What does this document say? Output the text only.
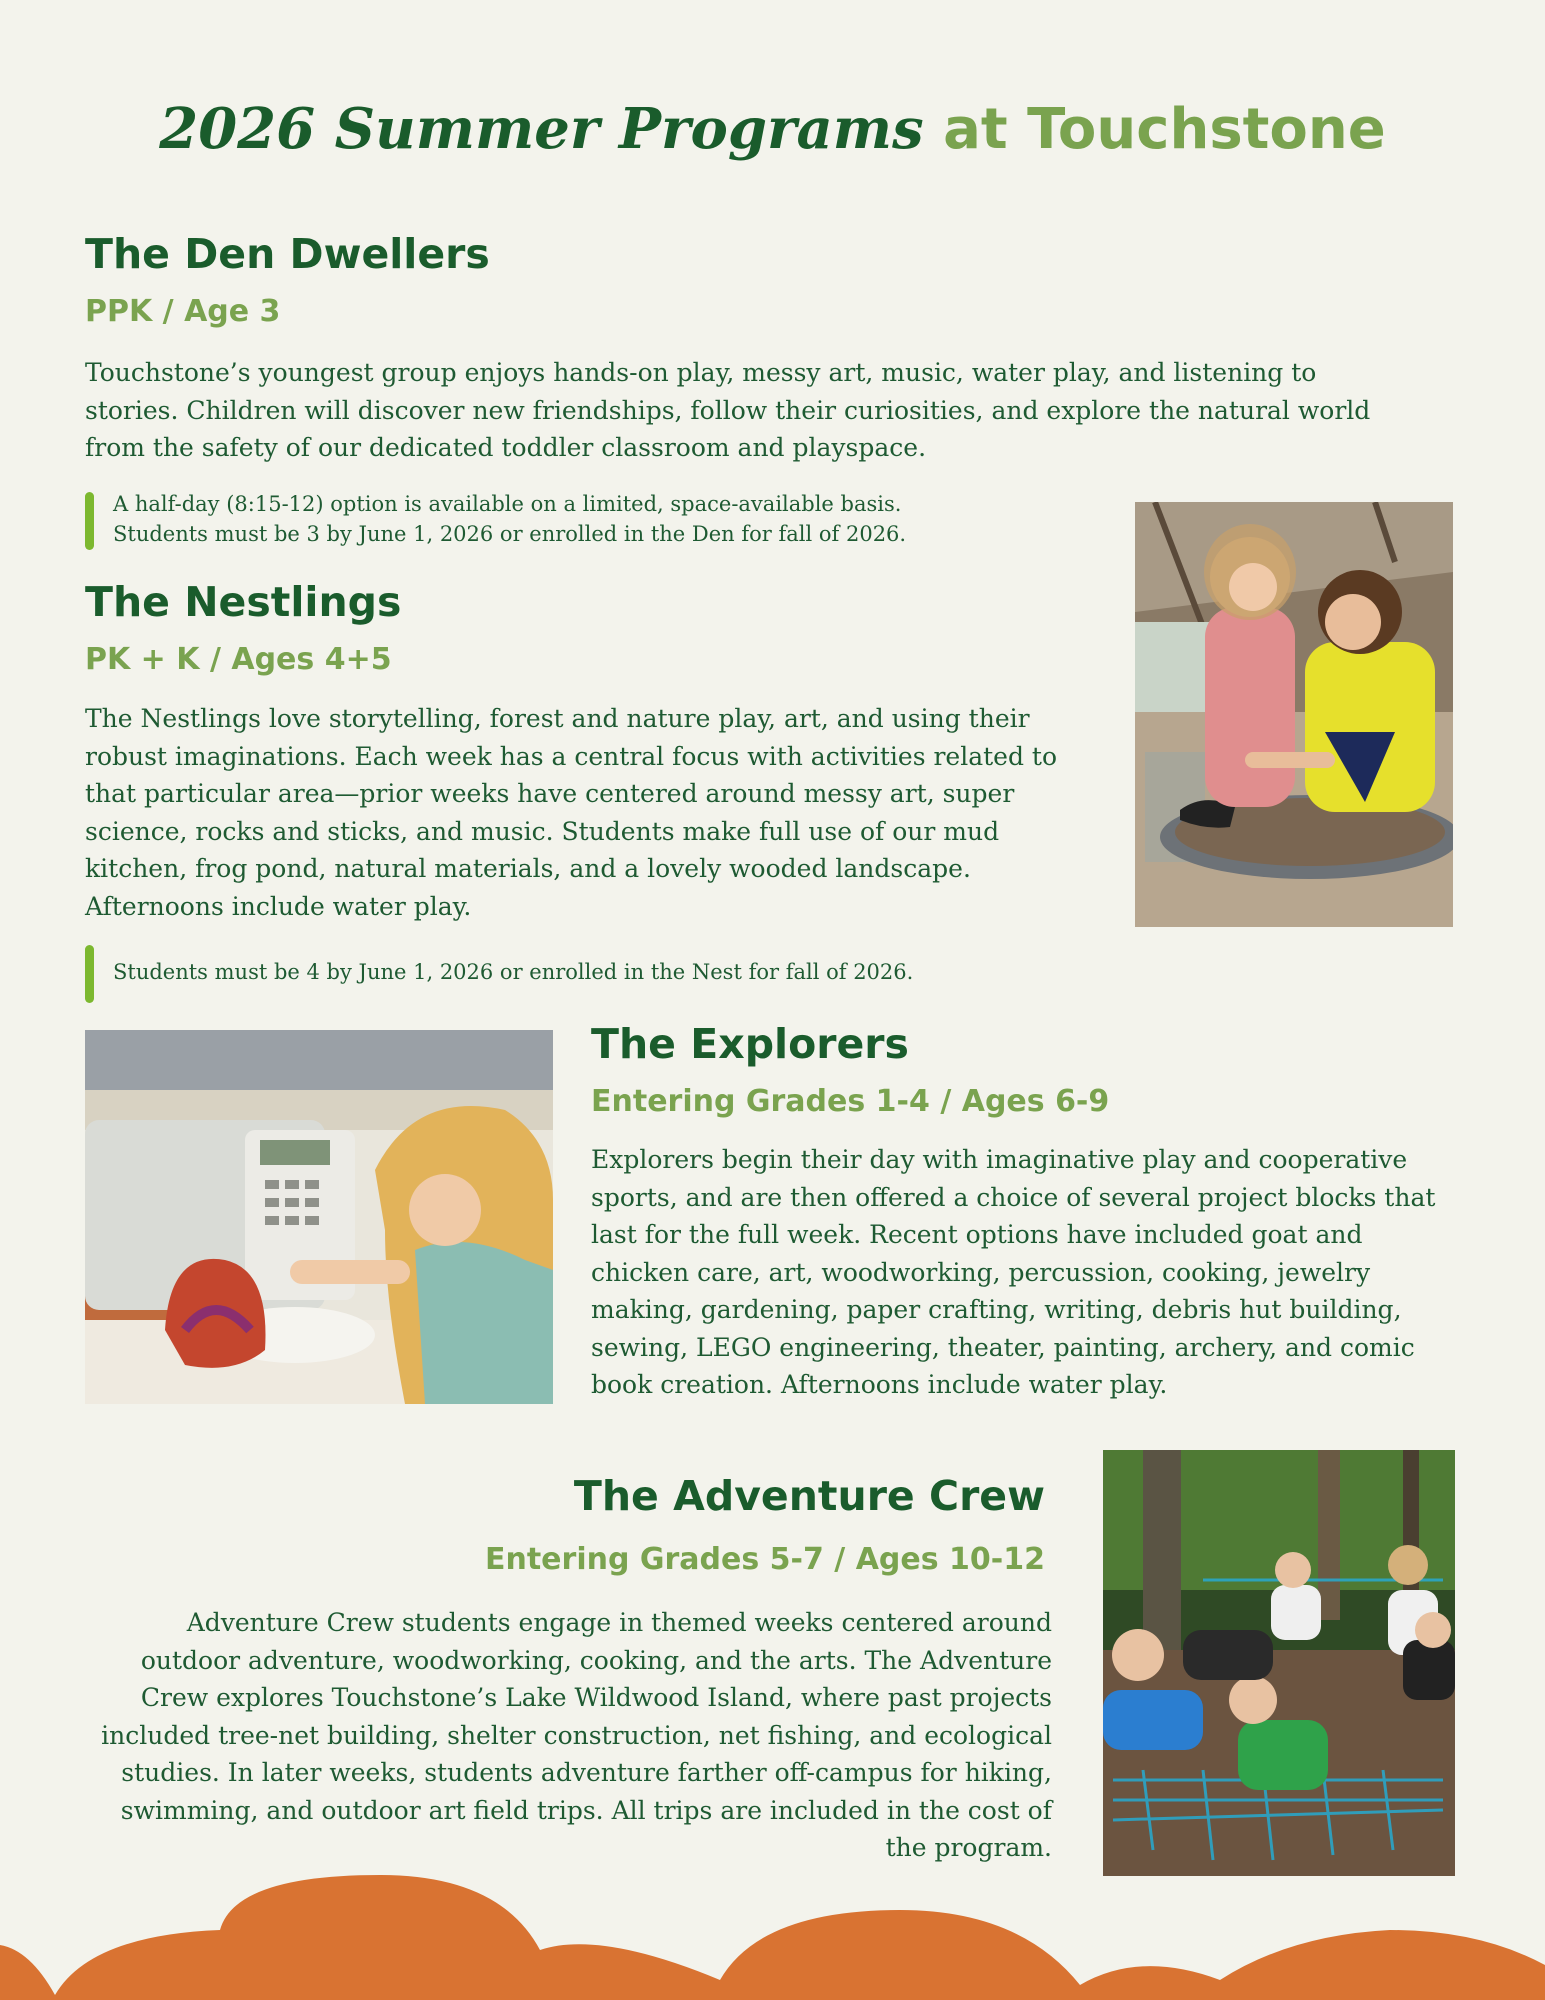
2026 Summer Programs at Touchstone
The Den Dwellers
PPK / Age 3
Touchstone’s youngest group enjoys hands-on play, messy art, music, water play, and listening to stories. Children will discover new friendships, follow their curiosities, and explore the natural world from the safety of our dedicated toddler classroom and playspace.
A half-day (8:15-12) option is available on a limited, space-available basis.
Students must be 3 by June 1, 2026 or enrolled in the Den for fall of 2026.
The Nestlings
PK + K / Ages 4+5
The Nestlings love storytelling, forest and nature play, art, and using their robust imaginations. Each week has a central focus with activities related to that particular area—prior weeks have centered around messy art, super science, rocks and sticks, and music. Students make full use of our mud kitchen, frog pond, natural materials, and a lovely wooded landscape. Afternoons include water play.
Students must be 4 by June 1, 2026 or enrolled in the Nest for fall of 2026.
The Explorers
Entering Grades 1-4 / Ages 6-9
Explorers begin their day with imaginative play and cooperative sports, and are then offered a choice of several project blocks that last for the full week. Recent options have included goat and chicken care, art, woodworking, percussion, cooking, jewelry making, gardening, paper crafting, writing, debris hut building, sewing, LEGO engineering, theater, painting, archery, and comic book creation. Afternoons include water play.
The Adventure Crew
Entering Grades 5-7 / Ages 10-12
Adventure Crew students engage in themed weeks centered around outdoor adventure, woodworking, cooking, and the arts. The Adventure Crew explores Touchstone’s Lake Wildwood Island, where past projects included tree-net building, shelter construction, net fishing, and ecological studies. In later weeks, students adventure farther off-campus for hiking, swimming, and outdoor art field trips. All trips are included in the cost of the program.
